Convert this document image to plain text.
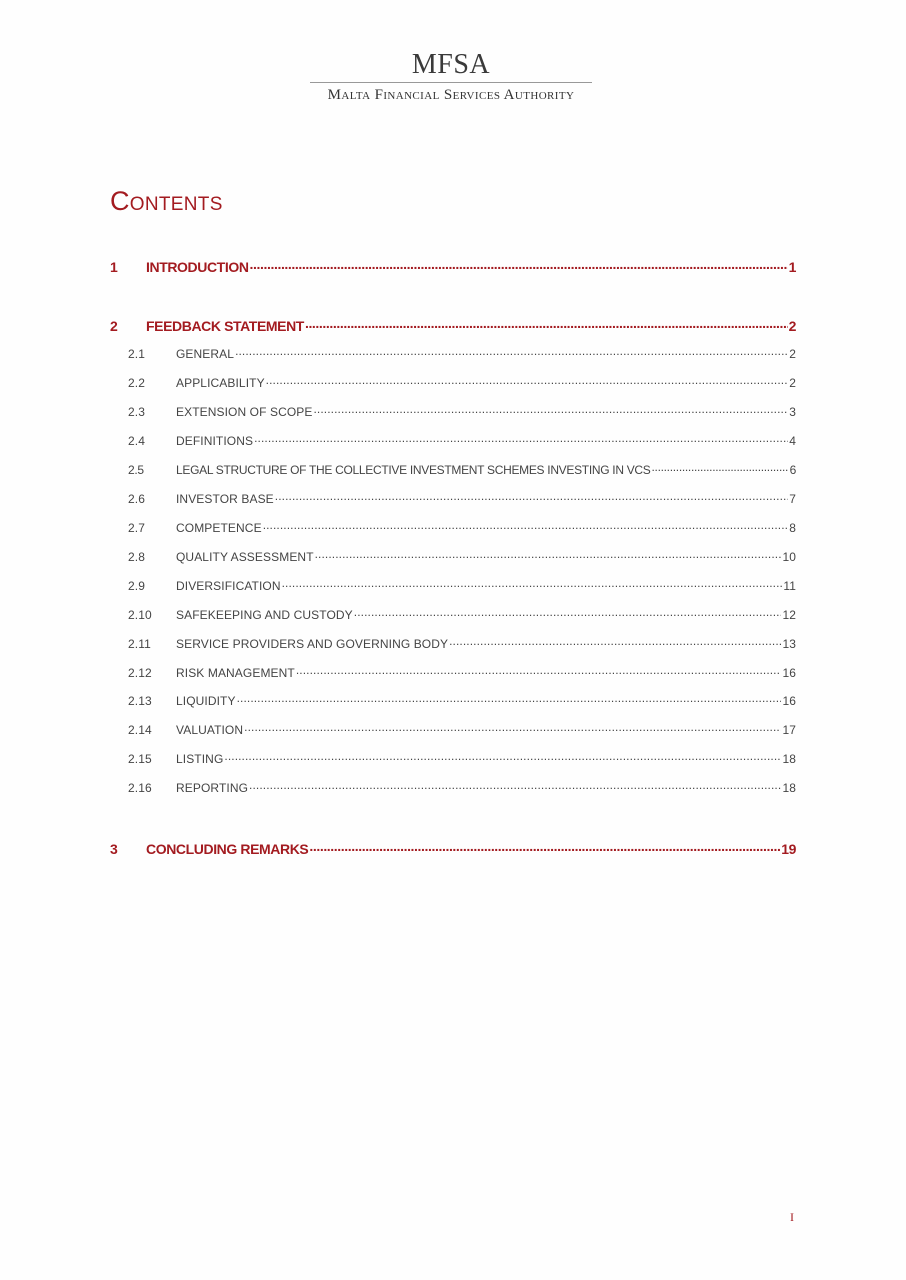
MFSA
Malta Financial Services Authority
Contents
1	INTRODUCTION .....	1
2	FEEDBACK STATEMENT .....	2
2.1	GENERAL .....	2
2.2	APPLICABILITY .....	2
2.3	EXTENSION OF SCOPE .....	3
2.4	DEFINITIONS .....	4
2.5	LEGAL STRUCTURE OF THE COLLECTIVE INVESTMENT SCHEMES INVESTING IN VCS .....	6
2.6	INVESTOR BASE .....	7
2.7	COMPETENCE .....	8
2.8	QUALITY ASSESSMENT .....	10
2.9	DIVERSIFICATION .....	11
2.10	SAFEKEEPING AND CUSTODY .....	12
2.11	SERVICE PROVIDERS AND GOVERNING BODY .....	13
2.12	RISK MANAGEMENT .....	16
2.13	LIQUIDITY .....	16
2.14	VALUATION .....	17
2.15	LISTING .....	18
2.16	REPORTING .....	18
3	CONCLUDING REMARKS .....	19
I
